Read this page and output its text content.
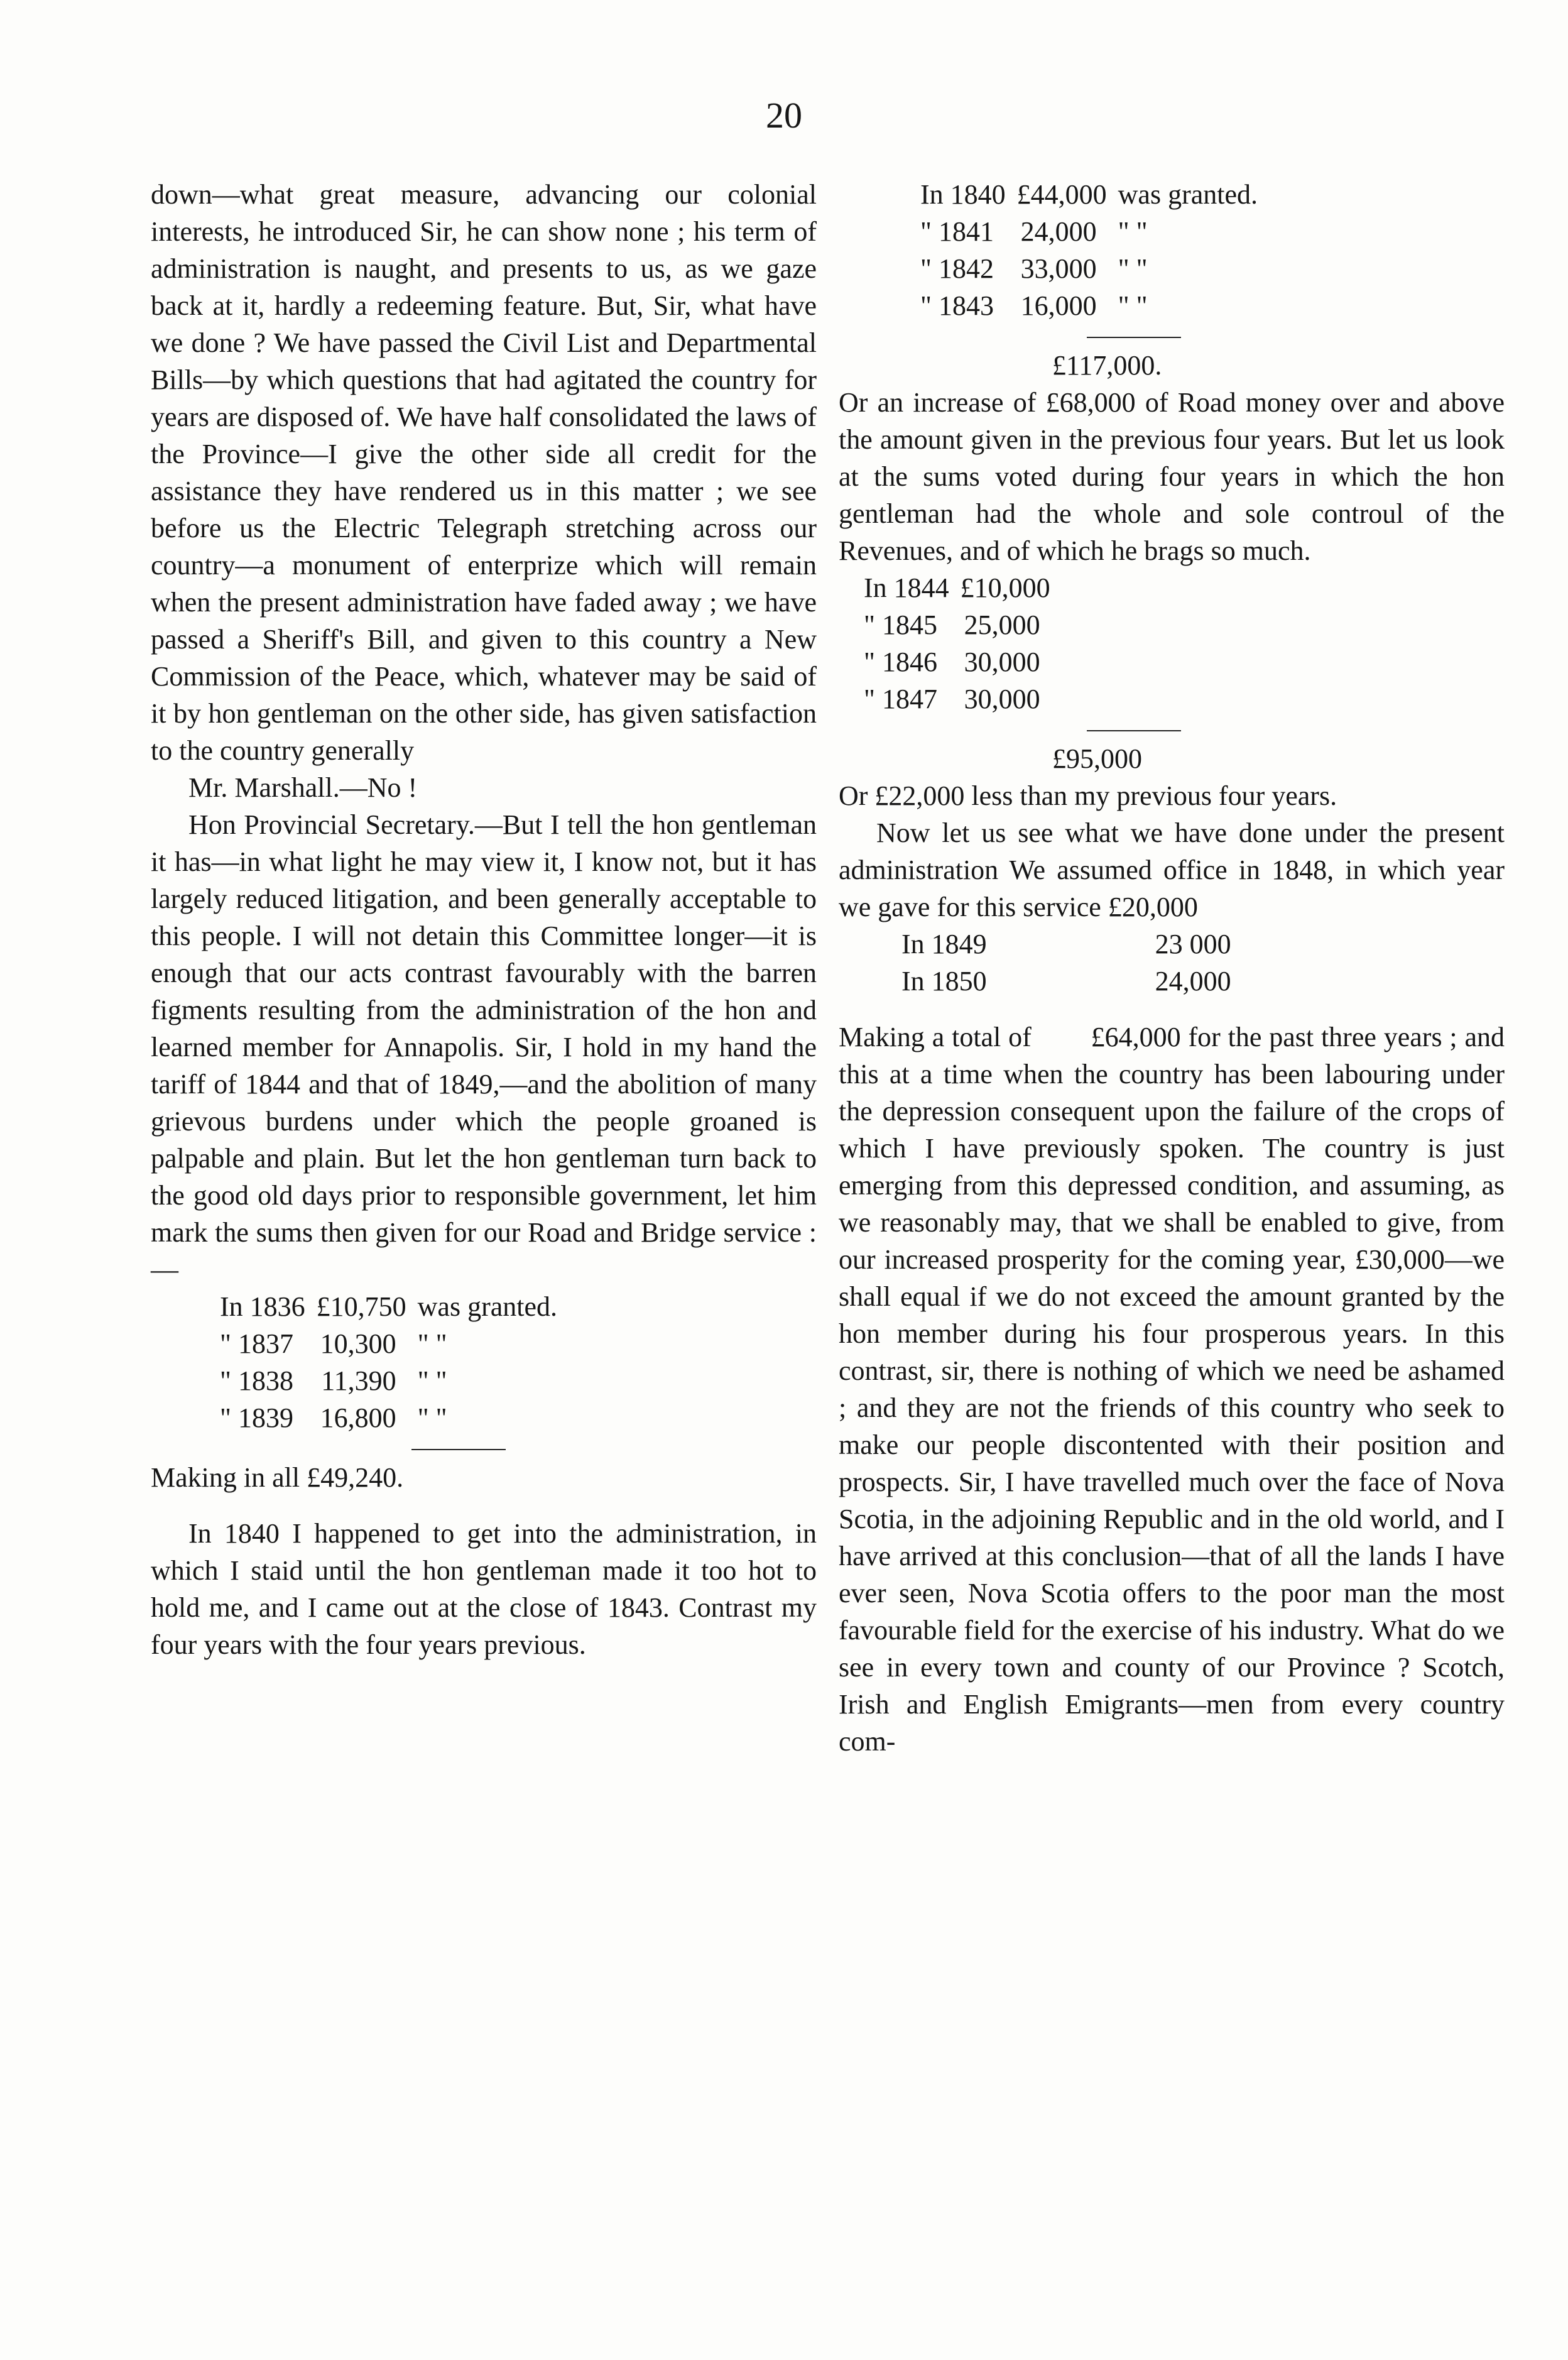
20

down—what great measure, advancing our colonial interests, he introduced Sir, he can show none ; his term of administration is naught, and presents to us, as we gaze back at it, hardly a redeeming feature. But, Sir, what have we done ? We have passed the Civil List and Departmental Bills—by which questions that had agitated the country for years are disposed of. We have half consolidated the laws of the Province—I give the other side all credit for the assistance they have rendered us in this matter ; we see before us the Electric Telegraph stretching across our country—a monument of enterprize which will remain when the present administration have faded away ; we have passed a Sheriff's Bill, and given to this country a New Commission of the Peace, which, whatever may be said of it by hon gentleman on the other side, has given satisfaction to the country generally

Mr. Marshall.—No !

Hon Provincial Secretary.—But I tell the hon gentleman it has—in what light he may view it, I know not, but it has largely reduced litigation, and been generally acceptable to this people. I will not detain this Committee longer—it is enough that our acts contrast favourably with the barren figments resulting from the administration of the hon and learned member for Annapolis. Sir, I hold in my hand the tariff of 1844 and that of 1849,—and the abolition of many grievous burdens under which the people groaned is palpable and plain. But let the hon gentleman turn back to the good old days prior to responsible government, let him mark the sums then given for our Road and Bridge service :—

In 1836	£10,750	was granted.
" 1837	10,300	" "
" 1838	11,390	" "
" 1839	16,800	" "

Making in all £49,240.

In 1840 I happened to get into the administration, in which I staid until the hon gentleman made it too hot to hold me, and I came out at the close of 1843. Contrast my four years with the four years previous.

In 1840	£44,000	was granted.
" 1841	24,000	" "
" 1842	33,000	" "
" 1843	16,000	" "

£117,000.

Or an increase of £68,000 of Road money over and above the amount given in the previous four years. But let us look at the sums voted during four years in which the hon gentleman had the whole and sole controul of the Revenues, and of which he brags so much.

In 1844	£10,000
" 1845	25,000
" 1846	30,000
" 1847	30,000

£95,000

Or £22,000 less than my previous four years.

Now let us see what we have done under the present administration We assumed office in 1848, in which year we gave for this service £20,000

In 1849	23 000
In 1850	24,000

Making a total of £64,000 for the past three years ; and this at a time when the country has been labouring under the depression consequent upon the failure of the crops of which I have previously spoken. The country is just emerging from this depressed condition, and assuming, as we reasonably may, that we shall be enabled to give, from our increased prosperity for the coming year, £30,000—we shall equal if we do not exceed the amount granted by the hon member during his four prosperous years. In this contrast, sir, there is nothing of which we need be ashamed ; and they are not the friends of this country who seek to make our people discontented with their position and prospects. Sir, I have travelled much over the face of Nova Scotia, in the adjoining Republic and in the old world, and I have arrived at this conclusion—that of all the lands I have ever seen, Nova Scotia offers to the poor man the most favourable field for the exercise of his industry. What do we see in every town and county of our Province ? Scotch, Irish and English Emigrants—men from every country com-
